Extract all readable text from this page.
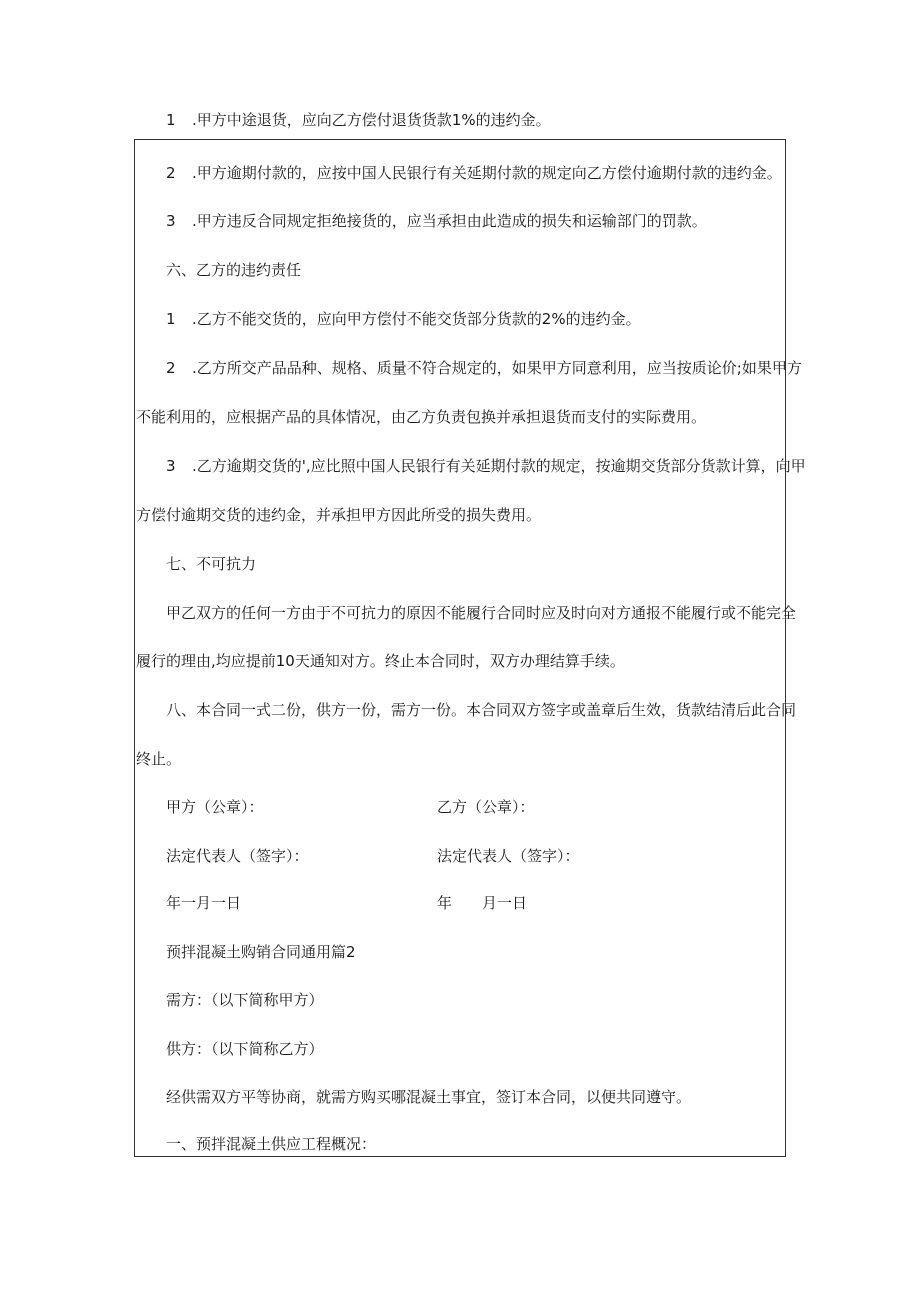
1 .甲方中途退货，应向乙方偿付退货货款1%的违约金。
2 .甲方逾期付款的，应按中国人民银行有关延期付款的规定向乙方偿付逾期付款的违约金。
3 .甲方违反合同规定拒绝接货的，应当承担由此造成的损失和运输部门的罚款。
六、乙方的违约责任
1 .乙方不能交货的，应向甲方偿付不能交货部分货款的2%的违约金。
2 .乙方所交产品品种、规格、质量不符合规定的，如果甲方同意利用，应当按质论价;如果甲方
不能利用的，应根据产品的具体情况，由乙方负责包换并承担退货而支付的实际费用。
3 .乙方逾期交货的',应比照中国人民银行有关延期付款的规定，按逾期交货部分货款计算，向甲
方偿付逾期交货的违约金，并承担甲方因此所受的损失费用。
七、不可抗力
甲乙双方的任何一方由于不可抗力的原因不能履行合同时应及时向对方通报不能履行或不能完全
履行的理由,均应提前10天通知对方。终止本合同时，双方办理结算手续。
八、本合同一式二份，供方一份，需方一份。本合同双方签字或盖章后生效，货款结清后此合同
终止。
甲方（公章）：	乙方（公章）：
法定代表人（签字）：	法定代表人（签字）：
年一月一日	年　　月一日
预拌混凝土购销合同通用篇2
需方：（以下简称甲方）
供方：（以下简称乙方）
经供需双方平等协商，就需方购买哪混凝土事宜，签订本合同，以便共同遵守。
一、预拌混凝土供应工程概况：
